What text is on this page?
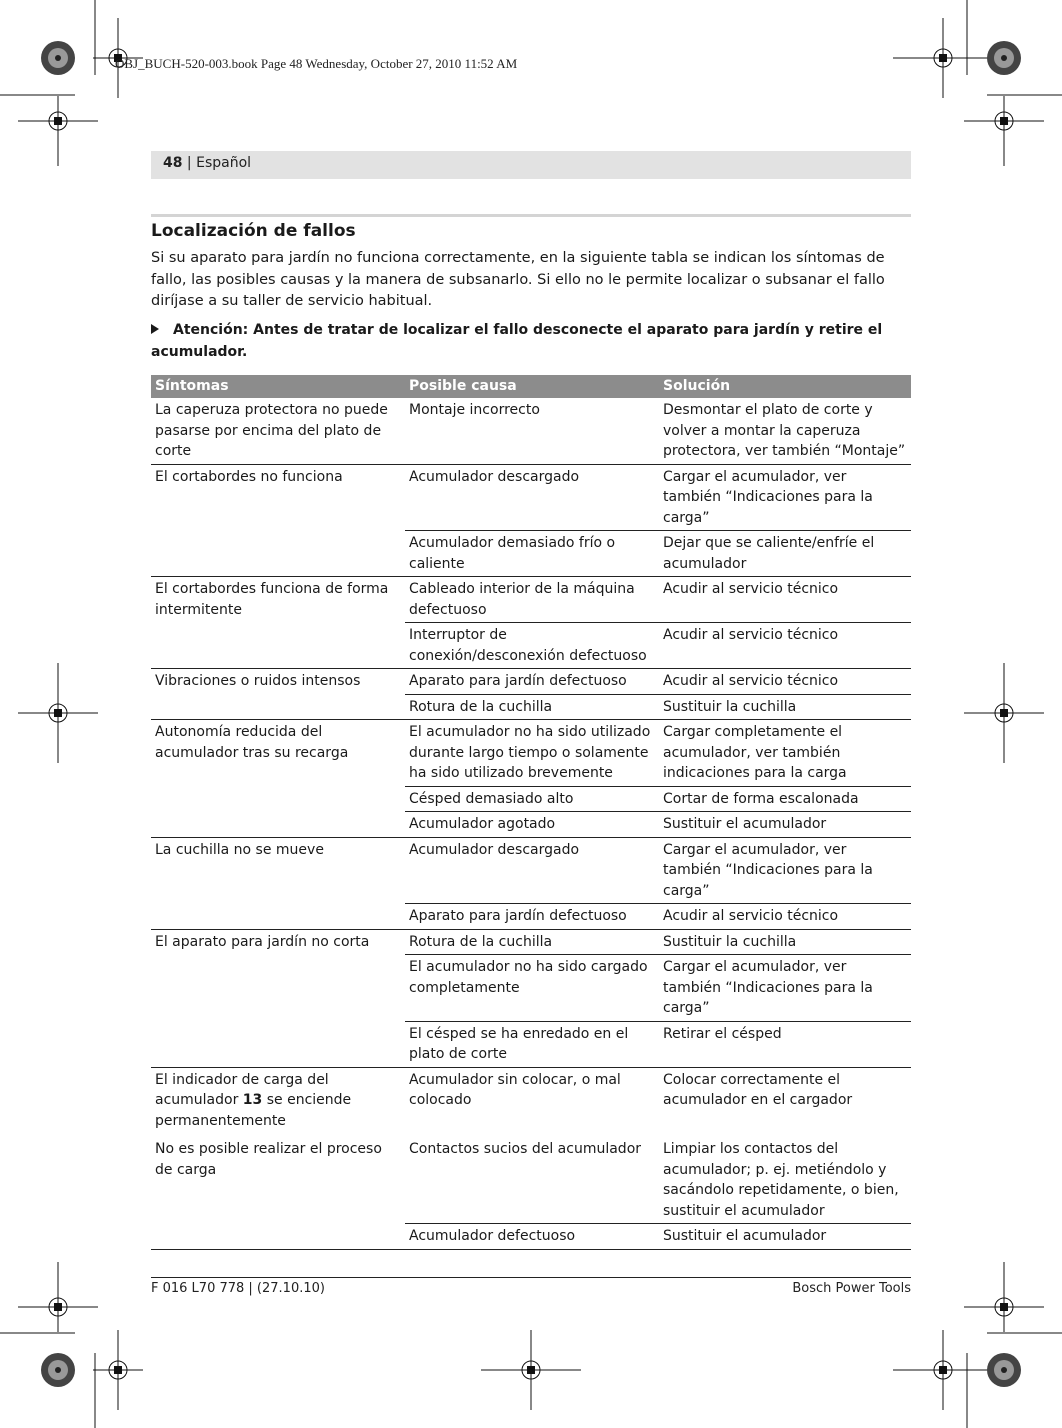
OBJ_BUCH-520-003.book Page 48 Wednesday, October 27, 2010 11:52 AM
48 | Español
Localización de fallos
Si su aparato para jardín no funciona correctamente, en la siguiente tabla se indican los síntomas de fallo, las posibles causas y la manera de subsanarlo. Si ello no le permite localizar o subsanar el fallo diríjase a su taller de servicio habitual.
Atención: Antes de tratar de localizar el fallo desconecte el aparato para jardín y retire el acumulador.
Síntomas	Posible causa	Solución
La caperuza protectora no puede pasarse por encima del plato de corte	Montaje incorrecto	Desmontar el plato de corte y volver a montar la caperuza protectora, ver también “Montaje”
El cortabordes no funciona	Acumulador descargado	Cargar el acumulador, ver también “Indicaciones para la carga”
	Acumulador demasiado frío o caliente	Dejar que se caliente/enfríe el acumulador
El cortabordes funciona de forma intermitente	Cableado interior de la máquina defectuoso	Acudir al servicio técnico
	Interruptor de conexión/desconexión defectuoso	Acudir al servicio técnico
Vibraciones o ruidos intensos	Aparato para jardín defectuoso	Acudir al servicio técnico
	Rotura de la cuchilla	Sustituir la cuchilla
Autonomía reducida del acumulador tras su recarga	El acumulador no ha sido utilizado durante largo tiempo o solamente ha sido utilizado brevemente	Cargar completamente el acumulador, ver también indicaciones para la carga
	Césped demasiado alto	Cortar de forma escalonada
	Acumulador agotado	Sustituir el acumulador
La cuchilla no se mueve	Acumulador descargado	Cargar el acumulador, ver también “Indicaciones para la carga”
	Aparato para jardín defectuoso	Acudir al servicio técnico
El aparato para jardín no corta	Rotura de la cuchilla	Sustituir la cuchilla
	El acumulador no ha sido cargado completamente	Cargar el acumulador, ver también “Indicaciones para la carga”
	El césped se ha enredado en el plato de corte	Retirar el césped
El indicador de carga del acumulador 13 se enciende permanentemente	Acumulador sin colocar, o mal colocado	Colocar correctamente el acumulador en el cargador
No es posible realizar el proceso de carga	Contactos sucios del acumulador	Limpiar los contactos del acumulador; p. ej. metiéndolo y sacándolo repetidamente, o bien, sustituir el acumulador
	Acumulador defectuoso	Sustituir el acumulador
F 016 L70 778 | (27.10.10)	Bosch Power Tools
